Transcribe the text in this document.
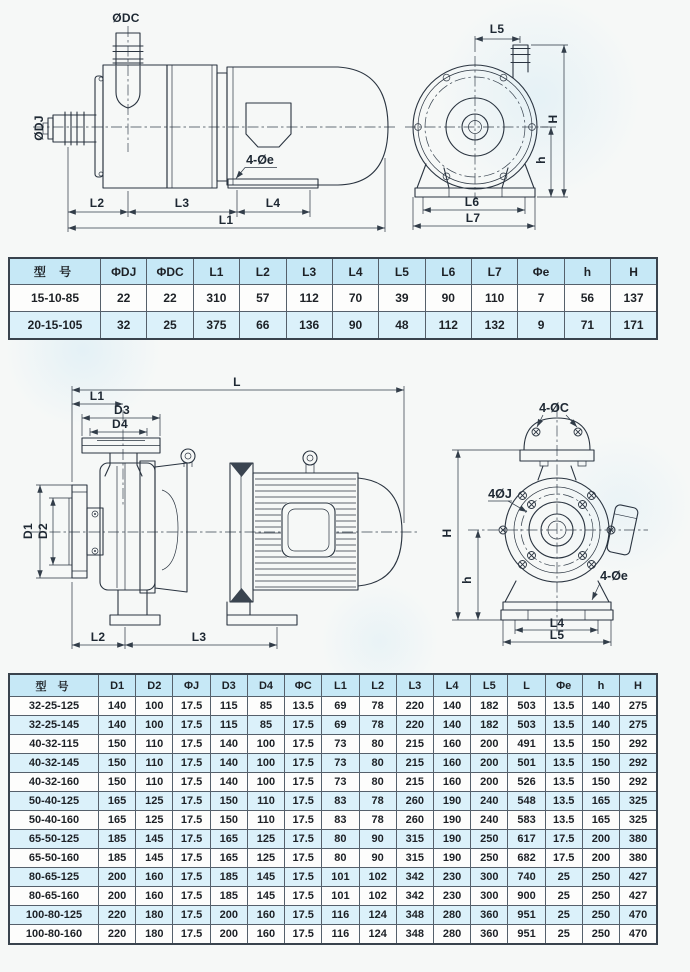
4-Øe
ØDC
ØDJ
L2	L3	L4
L1
L5
H
h
L6
L7
型 号	ΦDJ	ΦDC	L1	L2	L3	L4	L5	L6	L7	Φe	h	H
15-10-85	22	22	310	57	112	70	39	90	110	7	56	137
20-15-105	32	25	375	66	136	90	48	112	132	9	71	171
L
L1
D3
D4
D1 D2
L2	L3
4-ØC
4ØJ
4-Øe
H
h
L4
L5
型 号	D1	D2	ΦJ	D3	D4	ΦC	L1	L2	L3	L4	L5	L	Φe	h	H
32-25-125	140	100	17.5	115	85	13.5	69	78	220	140	182	503	13.5	140	275
32-25-145	140	100	17.5	115	85	17.5	69	78	220	140	182	503	13.5	140	275
40-32-115	150	110	17.5	140	100	17.5	73	80	215	160	200	491	13.5	150	292
40-32-145	150	110	17.5	140	100	17.5	73	80	215	160	200	501	13.5	150	292
40-32-160	150	110	17.5	140	100	17.5	73	80	215	160	200	526	13.5	150	292
50-40-125	165	125	17.5	150	110	17.5	83	78	260	190	240	548	13.5	165	325
50-40-160	165	125	17.5	150	110	17.5	83	78	260	190	240	583	13.5	165	325
65-50-125	185	145	17.5	165	125	17.5	80	90	315	190	250	617	17.5	200	380
65-50-160	185	145	17.5	165	125	17.5	80	90	315	190	250	682	17.5	200	380
80-65-125	200	160	17.5	185	145	17.5	101	102	342	230	300	740	25	250	427
80-65-160	200	160	17.5	185	145	17.5	101	102	342	230	300	900	25	250	427
100-80-125	220	180	17.5	200	160	17.5	116	124	348	280	360	951	25	250	470
100-80-160	220	180	17.5	200	160	17.5	116	124	348	280	360	951	25	250	470
